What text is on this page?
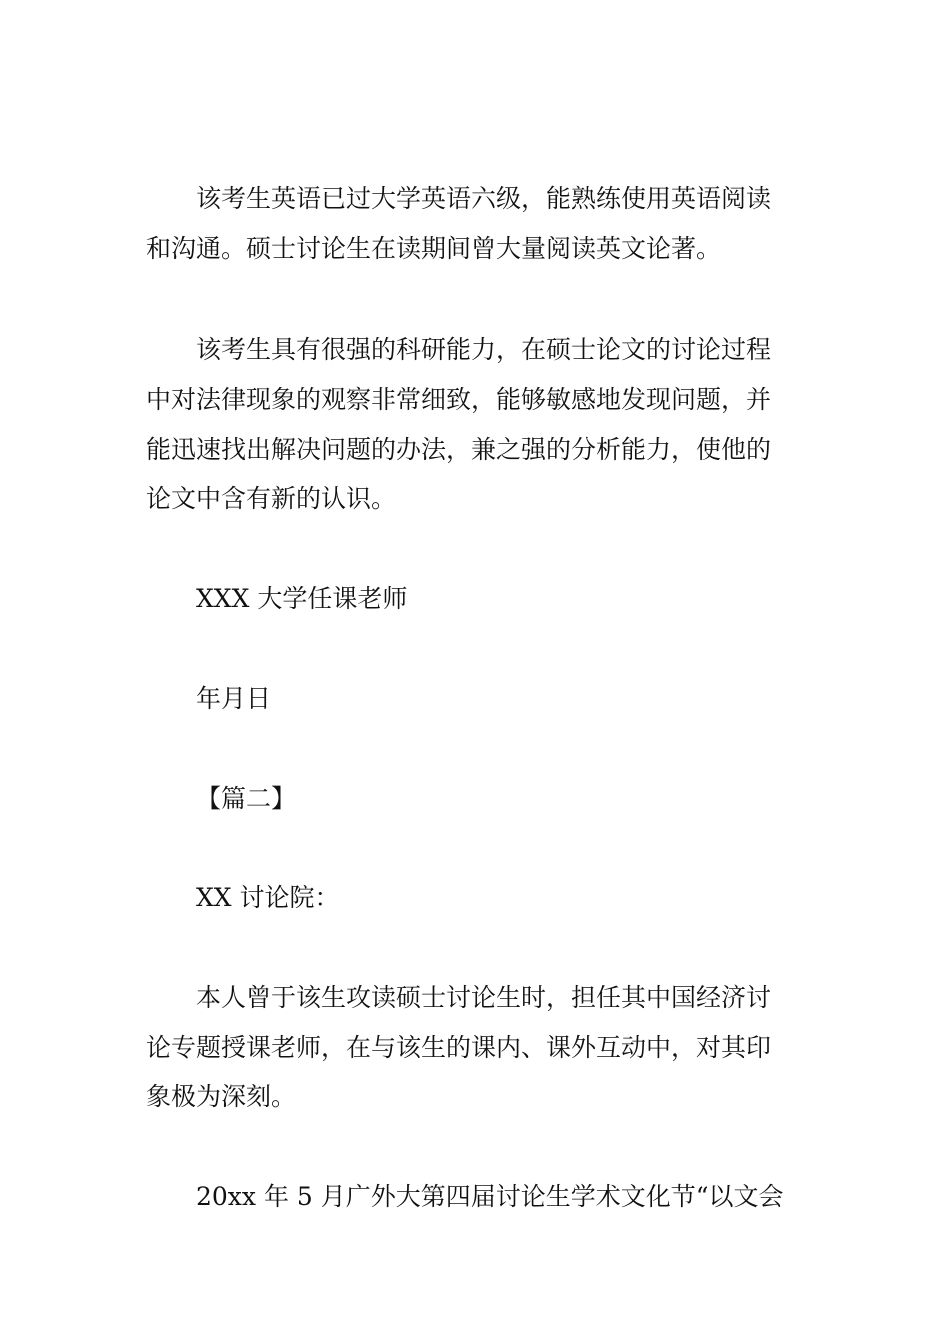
该考生英语已过大学英语六级，能熟练使用英语阅读
和沟通。硕士讨论生在读期间曾大量阅读英文论著。
该考生具有很强的科研能力，在硕士论文的讨论过程
中对法律现象的观察非常细致，能够敏感地发现问题，并
能迅速找出解决问题的办法，兼之强的分析能力，使他的
论文中含有新的认识。
XXX 大学任课老师
年月日
【篇二】
XX 讨论院：
本人曾于该生攻读硕士讨论生时，担任其中国经济讨
论专题授课老师，在与该生的课内、课外互动中，对其印
象极为深刻。
20xx 年 5 月广外大第四届讨论生学术文化节“以文会
